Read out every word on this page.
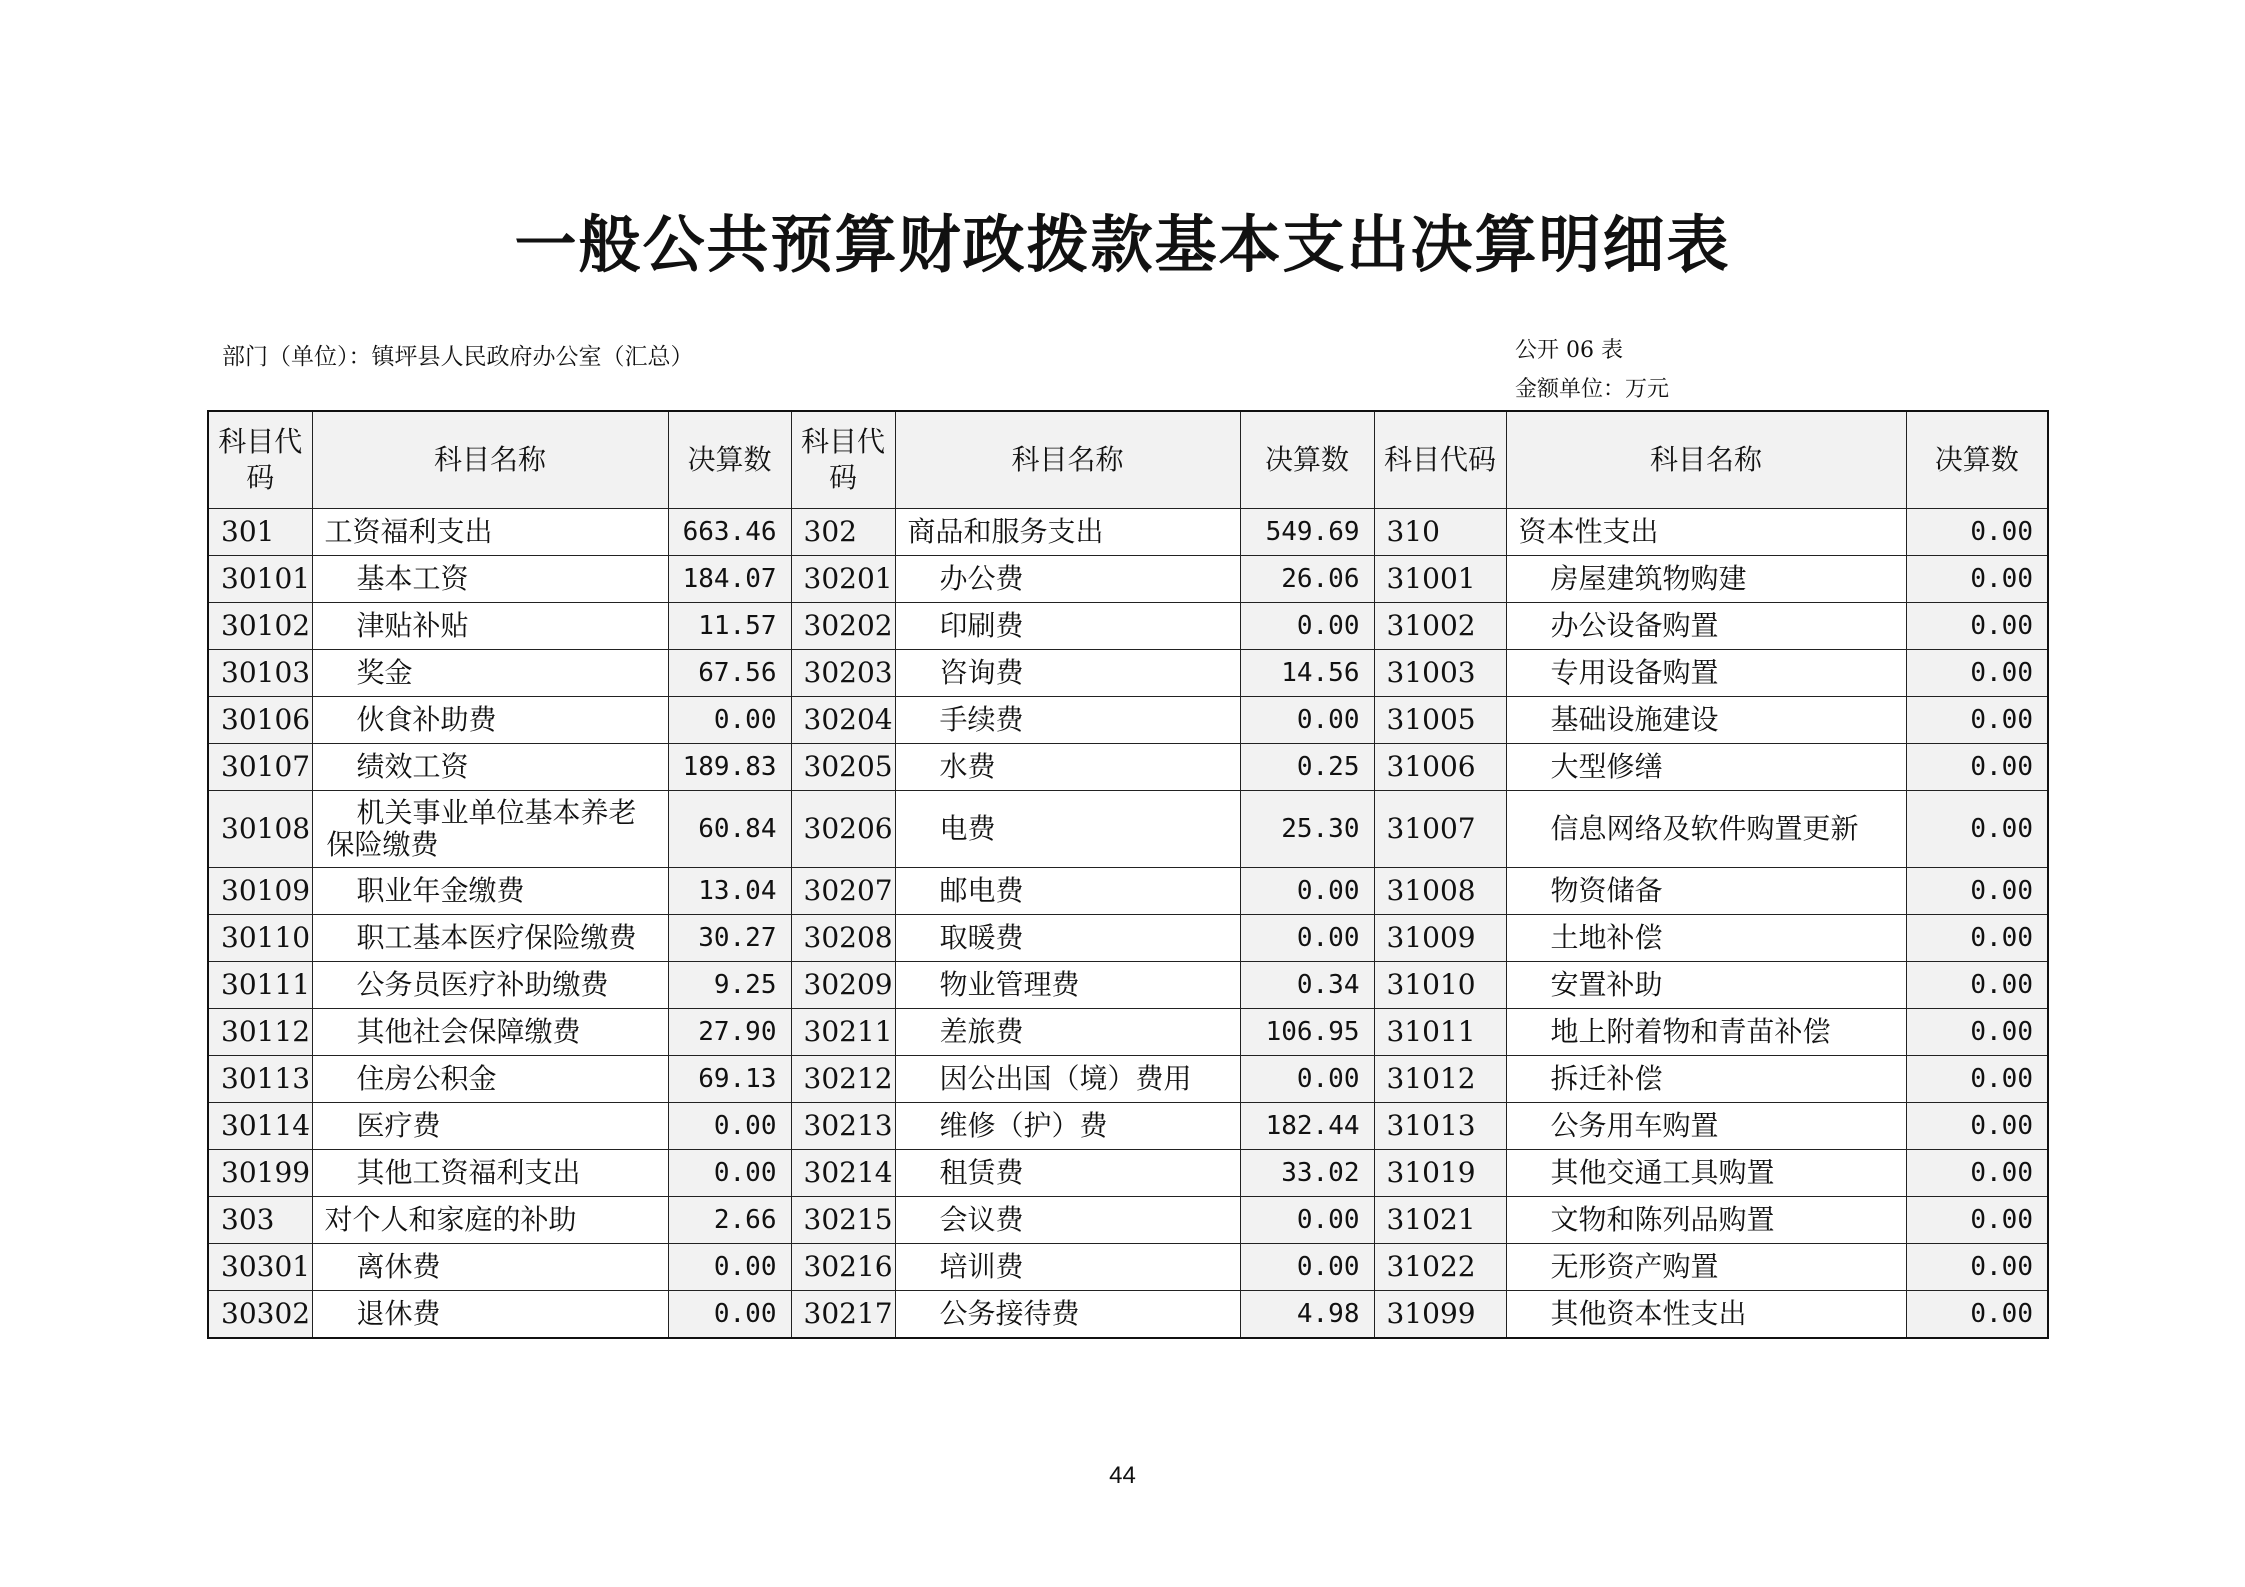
一般公共预算财政拨款基本支出决算明细表
部门（单位）：镇坪县人民政府办公室（汇总）	公开 06 表
金额单位：万元
科目代码	科目名称	决算数	科目代码	科目名称	决算数	科目代码	科目名称	决算数
301	工资福利支出	663.46	302	商品和服务支出	549.69	310	资本性支出	0.00
30101	基本工资	184.07	30201	办公费	26.06	31001	房屋建筑物购建	0.00
30102	津贴补贴	11.57	30202	印刷费	0.00	31002	办公设备购置	0.00
30103	奖金	67.56	30203	咨询费	14.56	31003	专用设备购置	0.00
30106	伙食补助费	0.00	30204	手续费	0.00	31005	基础设施建设	0.00
30107	绩效工资	189.83	30205	水费	0.25	31006	大型修缮	0.00
30108	机关事业单位基本养老保险缴费	60.84	30206	电费	25.30	31007	信息网络及软件购置更新	0.00
30109	职业年金缴费	13.04	30207	邮电费	0.00	31008	物资储备	0.00
30110	职工基本医疗保险缴费	30.27	30208	取暖费	0.00	31009	土地补偿	0.00
30111	公务员医疗补助缴费	9.25	30209	物业管理费	0.34	31010	安置补助	0.00
30112	其他社会保障缴费	27.90	30211	差旅费	106.95	31011	地上附着物和青苗补偿	0.00
30113	住房公积金	69.13	30212	因公出国（境）费用	0.00	31012	拆迁补偿	0.00
30114	医疗费	0.00	30213	维修（护）费	182.44	31013	公务用车购置	0.00
30199	其他工资福利支出	0.00	30214	租赁费	33.02	31019	其他交通工具购置	0.00
303	对个人和家庭的补助	2.66	30215	会议费	0.00	31021	文物和陈列品购置	0.00
30301	离休费	0.00	30216	培训费	0.00	31022	无形资产购置	0.00
30302	退休费	0.00	30217	公务接待费	4.98	31099	其他资本性支出	0.00
44
